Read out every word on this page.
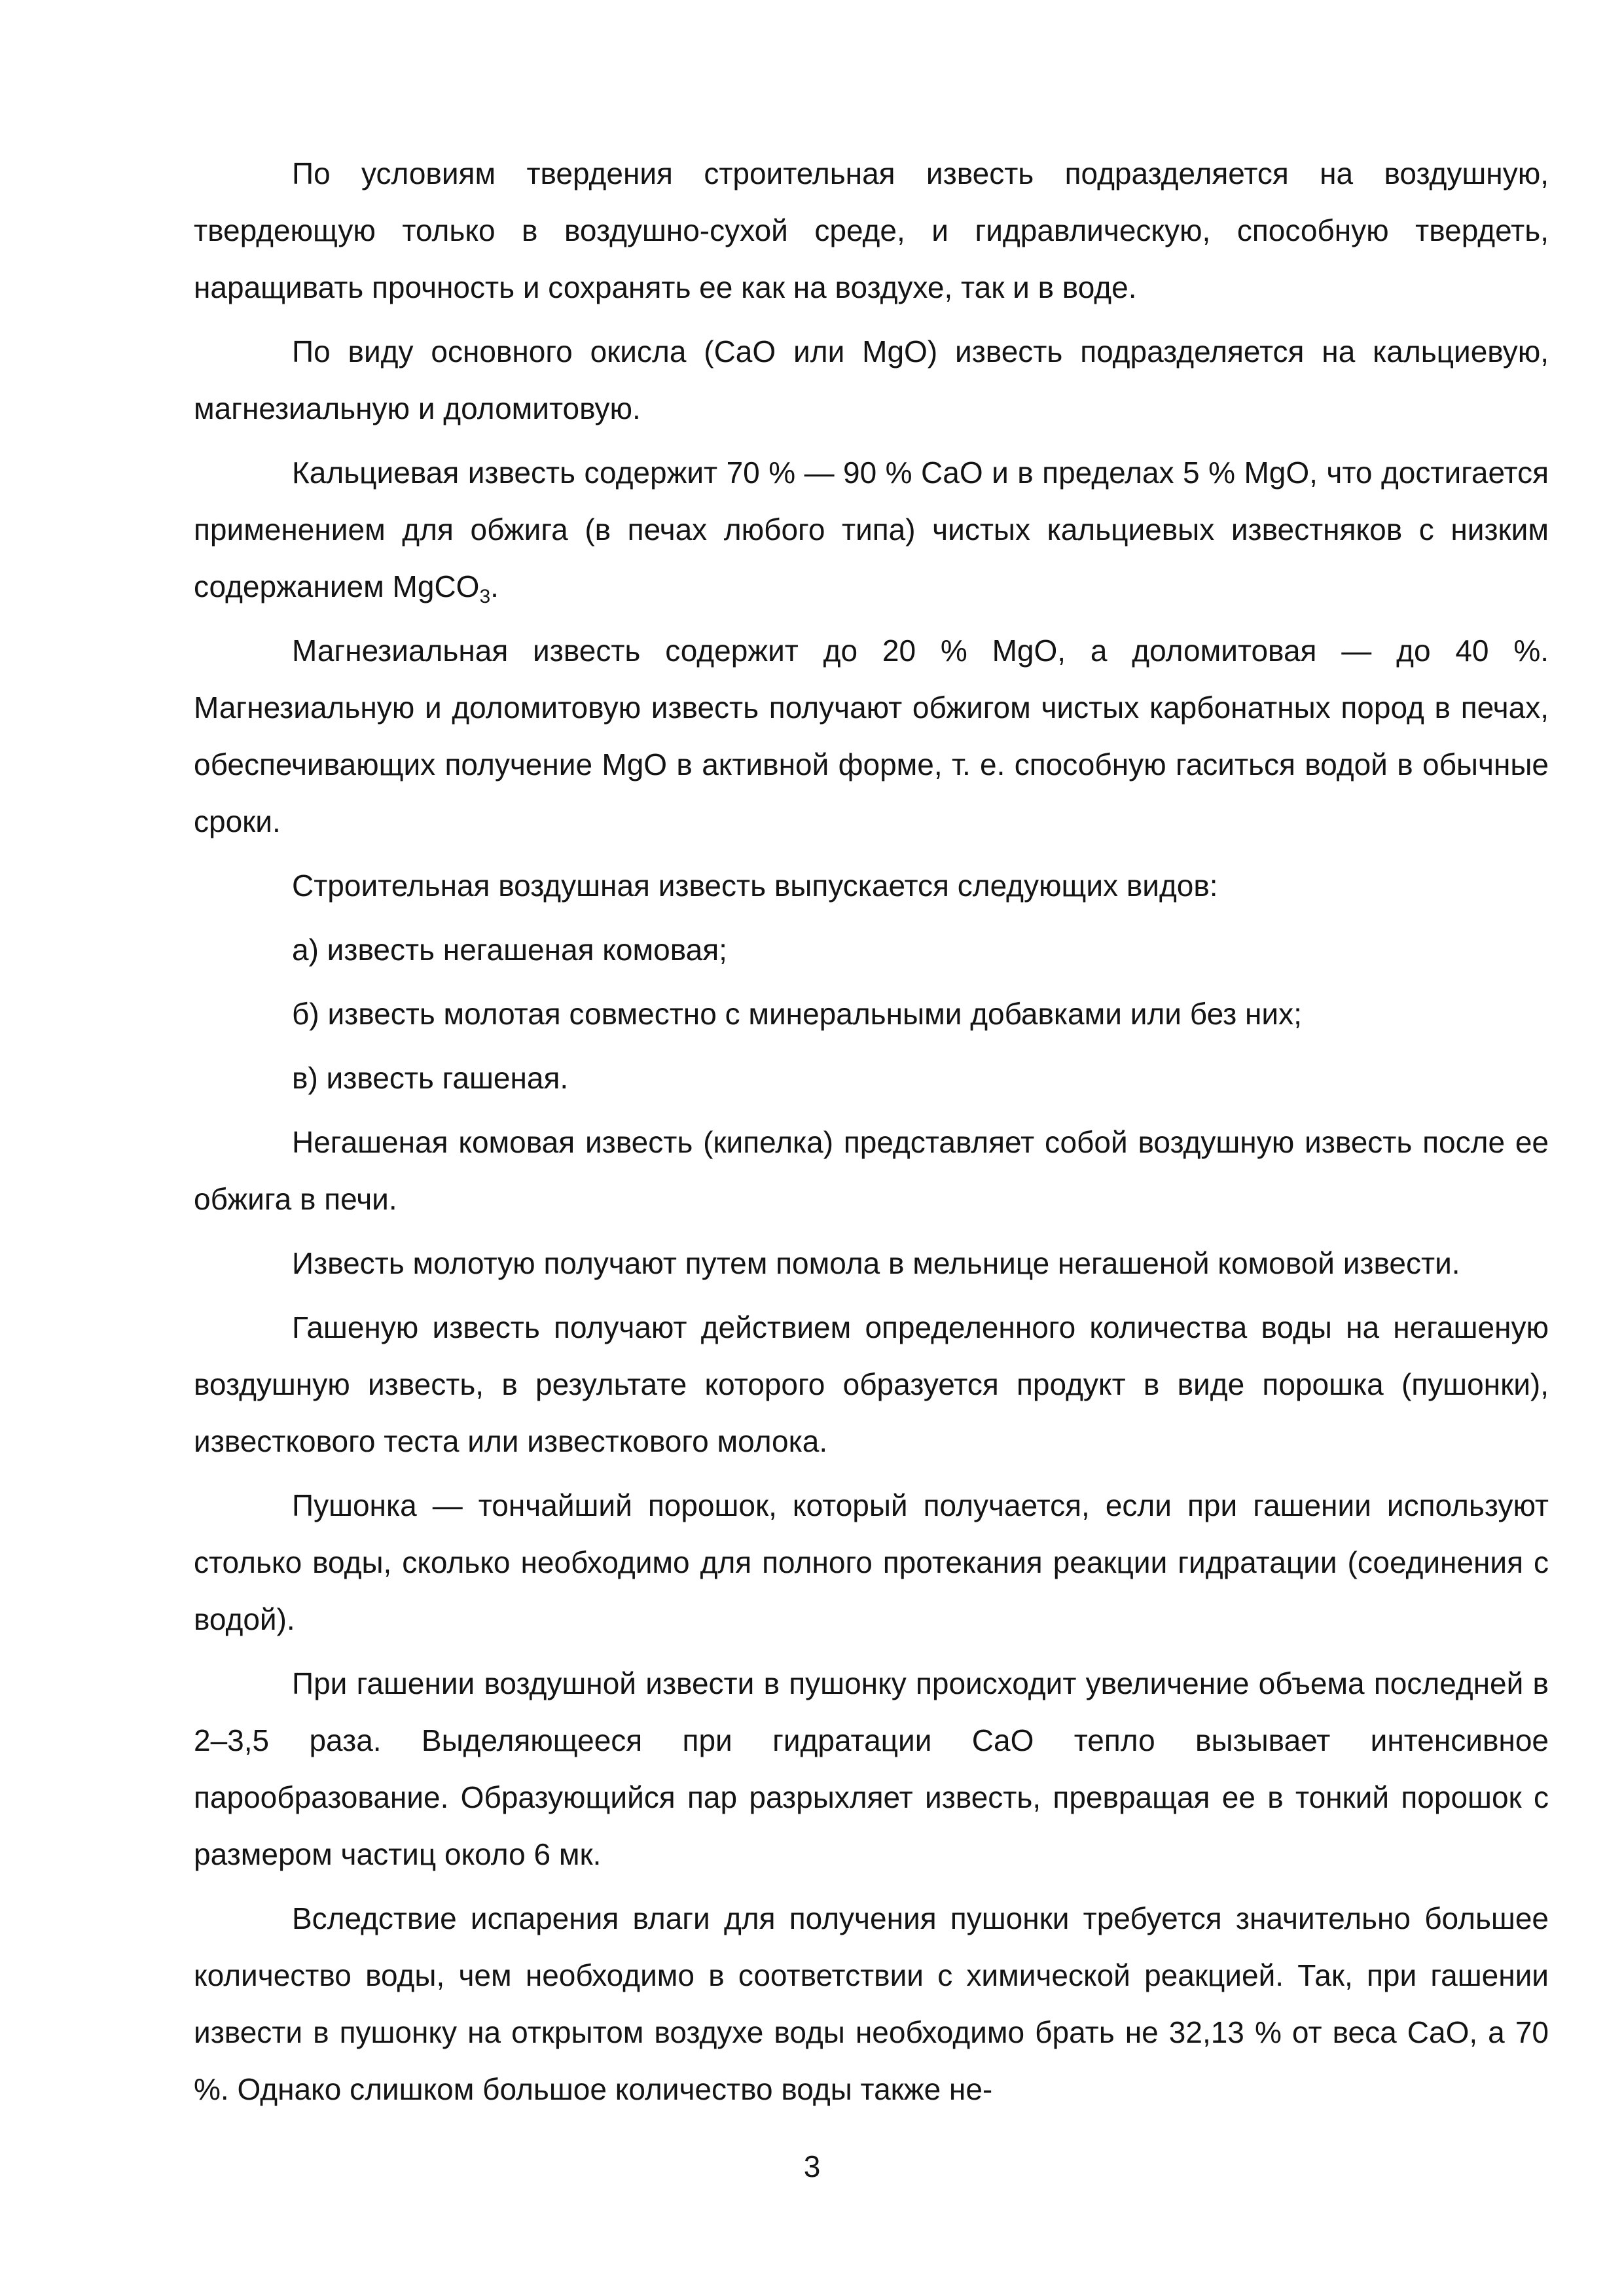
По условиям твердения строительная известь подразделяется на воздушную, твердеющую только в воздушно-сухой среде, и гидравлическую, способную твердеть, наращивать прочность и сохранять ее как на воздухе, так и в воде.

По виду основного окисла (CaO или MgO) известь подразделяется на кальциевую, магнезиальную и доломитовую.

Кальциевая известь содержит 70 % — 90 % CaO и в пределах 5 % MgO, что достигается применением для обжига (в печах любого типа) чистых кальциевых известняков с низким содержанием MgCO$_3$.

Магнезиальная известь содержит до 20 % MgO, а доломитовая — до 40 %. Магнезиальную и доломитовую известь получают обжигом чистых карбонатных пород в печах, обеспечивающих получение MgO в активной форме, т. е. способную гаситься водой в обычные сроки.

Строительная воздушная известь выпускается следующих видов:

а) известь негашеная комовая;

б) известь молотая совместно с минеральными добавками или без них;

в) известь гашеная.

Негашеная комовая известь (кипелка) представляет собой воздушную известь после ее обжига в печи.

Известь молотую получают путем помола в мельнице негашеной комовой извести.

Гашеную известь получают действием определенного количества воды на негашеную воздушную известь, в результате которого образуется продукт в виде порошка (пушонки), известкового теста или известкового молока.

Пушонка — тончайший порошок, который получается, если при гашении используют столько воды, сколько необходимо для полного протекания реакции гидратации (соединения с водой).

При гашении воздушной извести в пушонку происходит увеличение объема последней в 2–3,5 раза. Выделяющееся при гидратации CaO тепло вызывает интенсивное парообразование. Образующийся пар разрыхляет известь, превращая ее в тонкий порошок с размером частиц около 6 мк.

Вследствие испарения влаги для получения пушонки требуется значительно большее количество воды, чем необходимо в соответствии с химической реакцией. Так, при гашении извести в пушонку на открытом воздухе воды необходимо брать не 32,13 % от веса CaO, а 70 %. Однако слишком большое количество воды также не-

3
